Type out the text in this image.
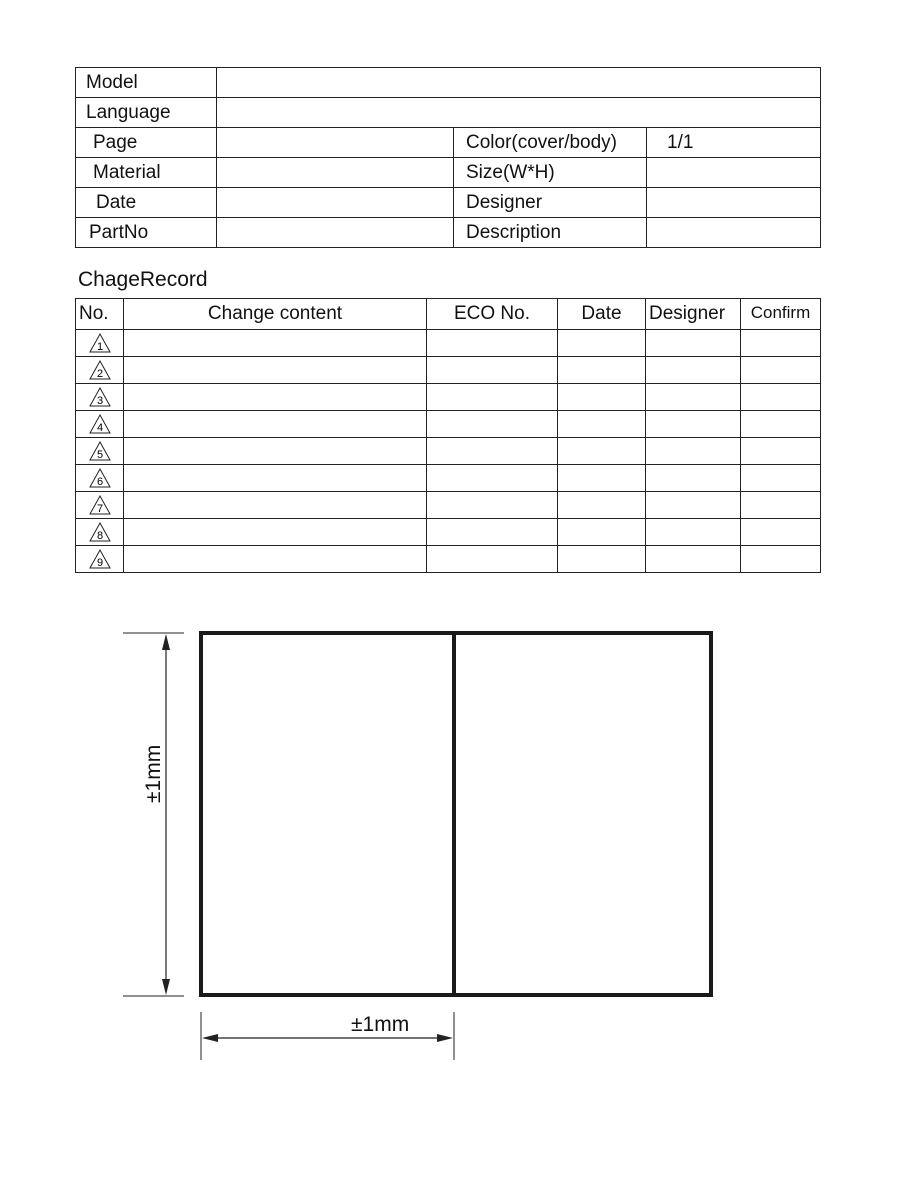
Model			
Language			
Page		Color(cover/body)	1/1
Material		Size(W*H)	
Date		Designer	
PartNo		Description	
ChageRecord
No.	Change content	ECO No.	Date	Designer	Confirm

1					

2					

3					

4					

5					

6					

7					

8					

9					

±1mm
±1mm
